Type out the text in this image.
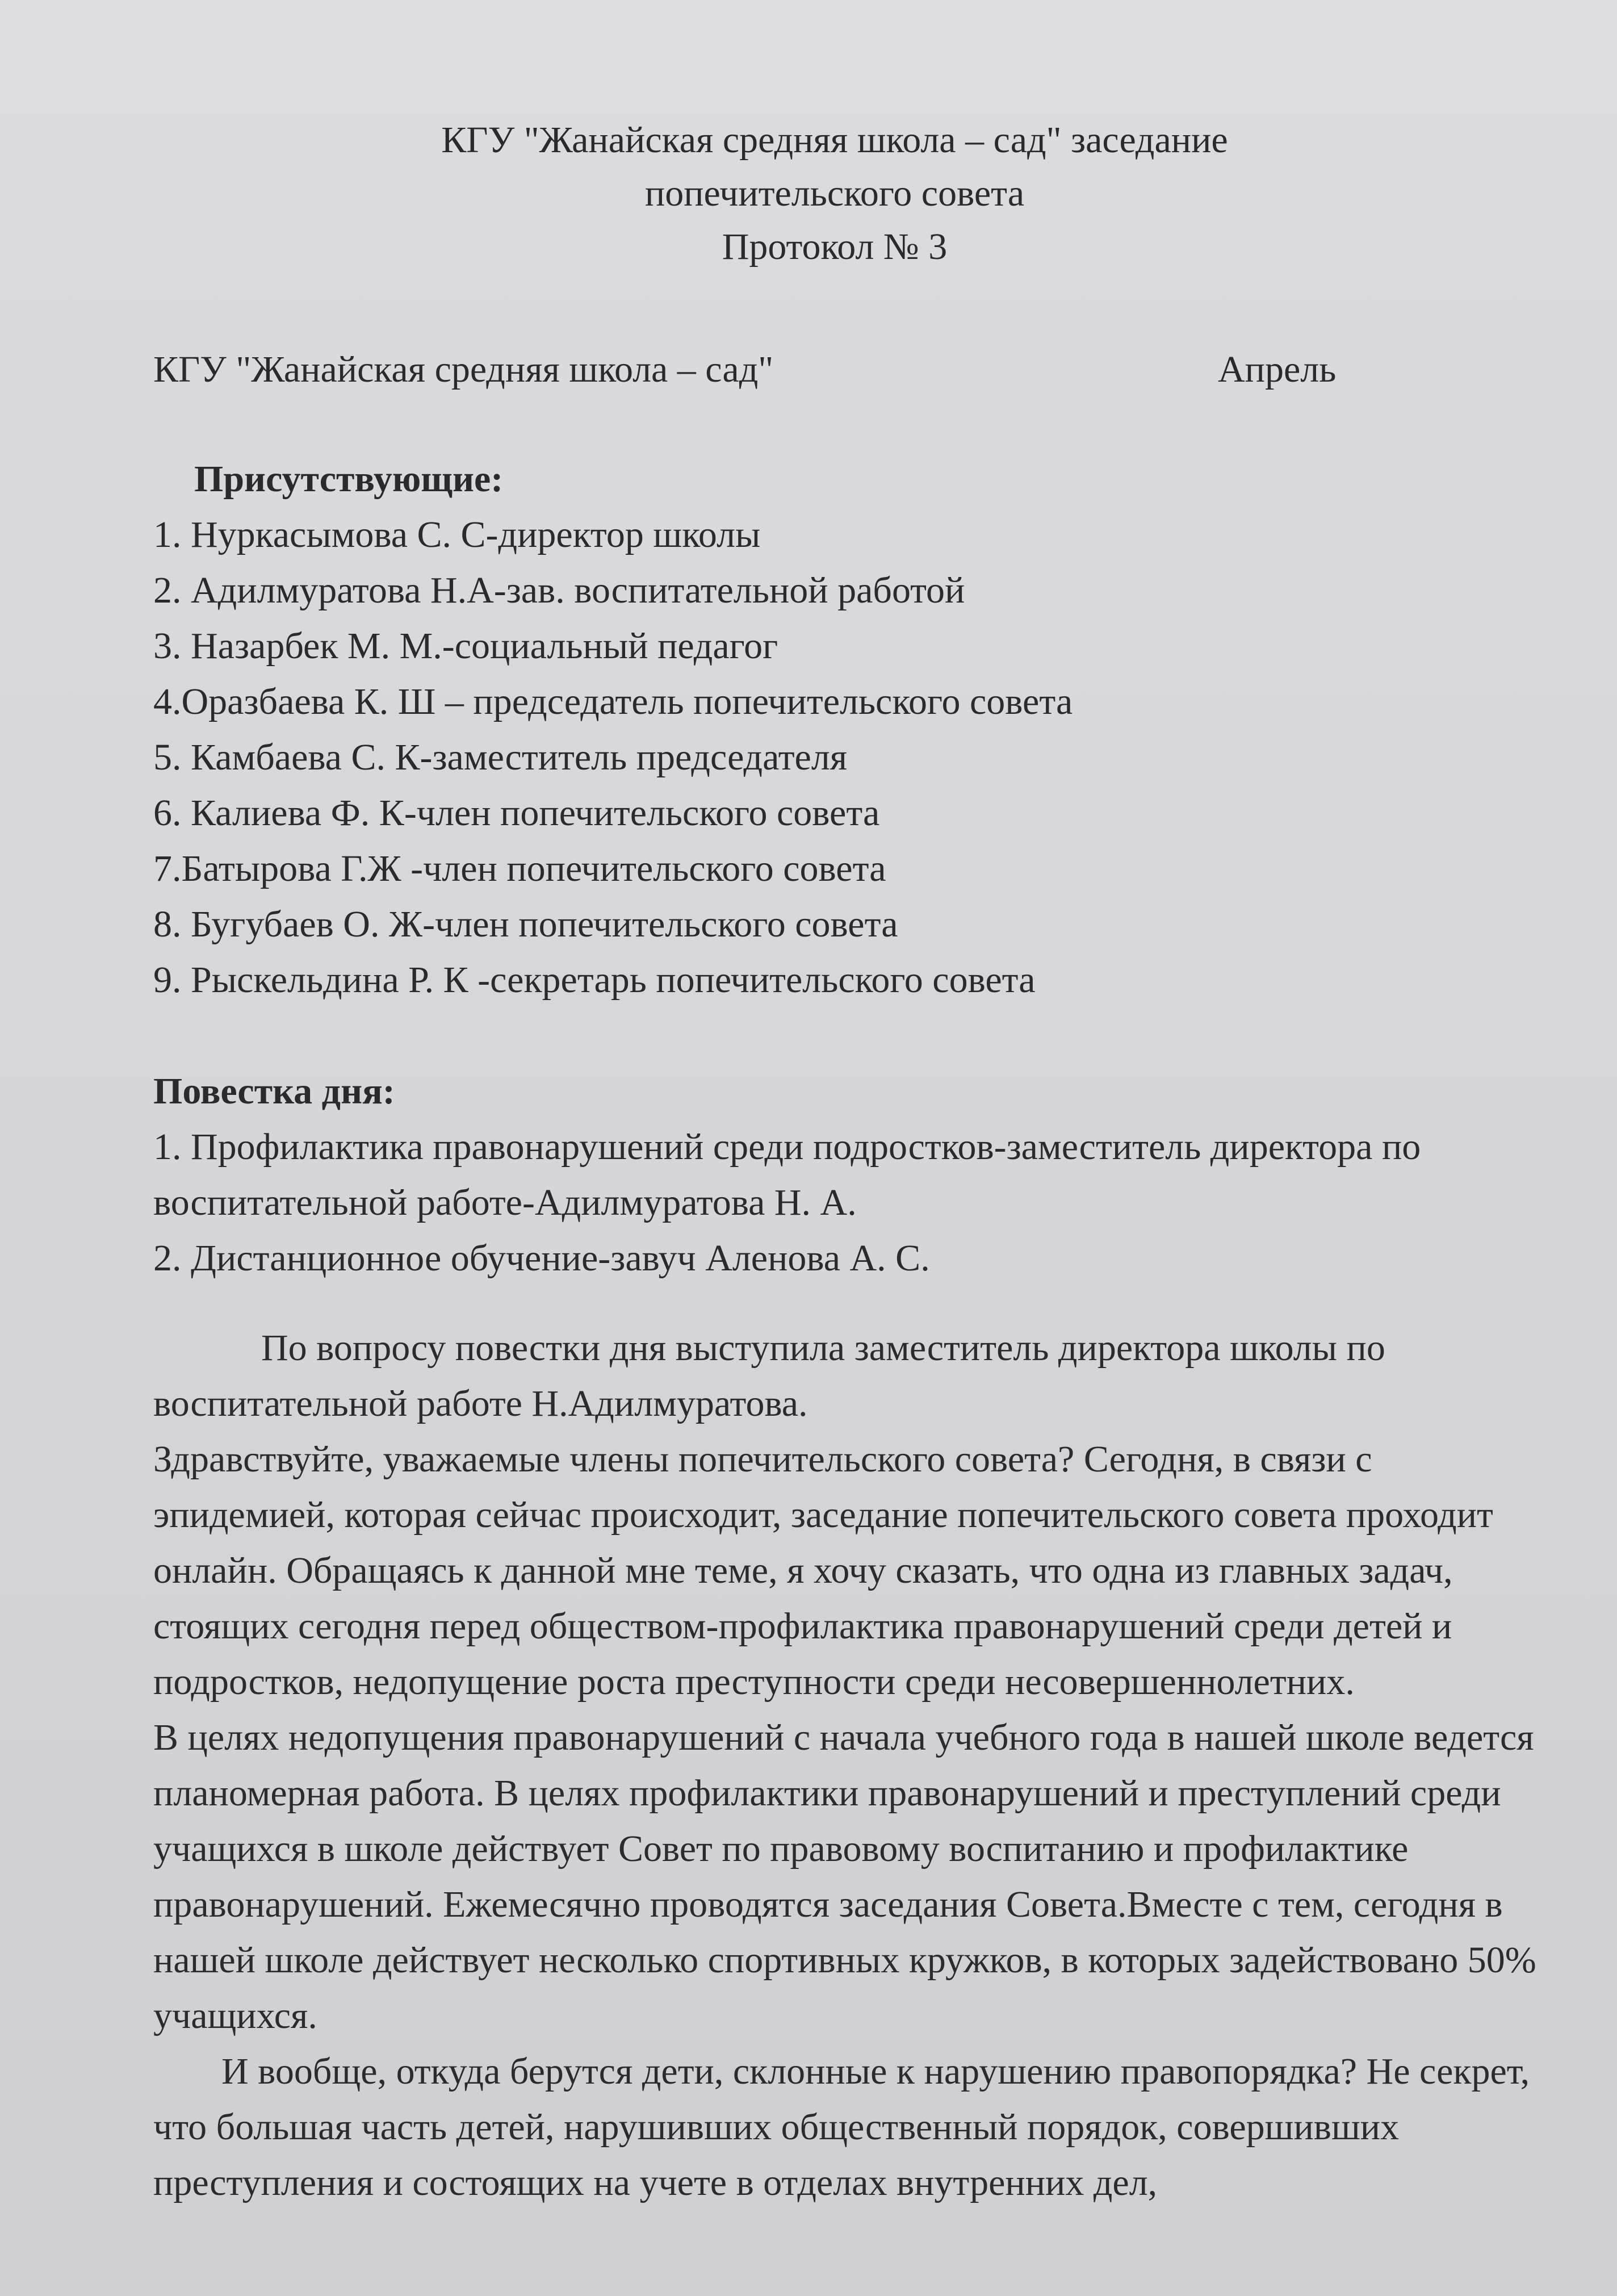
КГУ "Жанайская средняя школа – сад" заседание
попечительского совета
Протокол № 3
КГУ "Жанайская средняя школа – сад"	Апрель
Присутствующие:
1. Нуркасымова С. С-директор школы
2. Адилмуратова Н.А-зав. воспитательной работой
3. Назарбек М. М.-социальный педагог
4.Оразбаева К. Ш – председатель попечительского совета
5. Камбаева С. К-заместитель председателя
6. Калиева Ф. К-член попечительского совета
7.Батырова Г.Ж -член попечительского совета
8. Бугубаев О. Ж-член попечительского совета
9. Рыскельдина Р. К -секретарь попечительского совета
Повестка дня:

1. Профилактика правонарушений среди подростков-заместитель директора по воспитательной работе-Адилмуратова Н. А.

2. Дистанционное обучение-завуч Аленова А. С.

По вопросу повестки дня выступила заместитель директора школы по воспитательной работе Н.Адилмуратова.

Здравствуйте, уважаемые члены попечительского совета? Сегодня, в связи с эпидемией, которая сейчас происходит, заседание попечительского совета проходит онлайн. Обращаясь к данной мне теме, я хочу сказать, что одна из главных задач, стоящих сегодня перед обществом-профилактика правонарушений среди детей и подростков, недопущение роста преступности среди несовершеннолетних.

В целях недопущения правонарушений с начала учебного года в нашей школе ведется планомерная работа. В целях профилактики правонарушений и преступлений среди учащихся в школе действует Совет по правовому воспитанию и профилактике правонарушений. Ежемесячно проводятся заседания Совета.Вместе с тем, сегодня в нашей школе действует несколько спортивных кружков, в которых задействовано 50% учащихся.

И вообще, откуда берутся дети, склонные к нарушению правопорядка? Не секрет, что большая часть детей, нарушивших общественный порядок, совершивших преступления и состоящих на учете в отделах внутренних дел,
